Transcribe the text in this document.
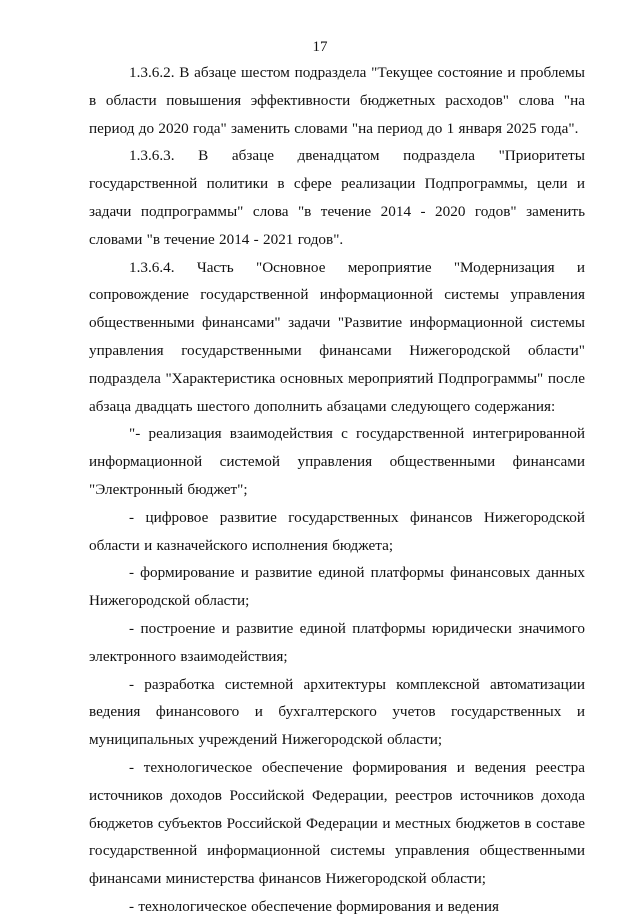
17

1.3.6.2. В абзаце шестом подраздела "Текущее состояние и проблемы в области повышения эффективности бюджетных расходов" слова "на период до 2020 года" заменить словами "на период до 1 января 2025 года".

1.3.6.3. В абзаце двенадцатом подраздела "Приоритеты государственной политики в сфере реализации Подпрограммы, цели и задачи подпрограммы" слова "в течение 2014 - 2020 годов" заменить словами "в течение 2014 - 2021 годов".

1.3.6.4. Часть "Основное мероприятие "Модернизация и сопровождение государственной информационной системы управления общественными финансами" задачи "Развитие информационной системы управления государственными финансами Нижегородской области" подраздела "Характеристика основных мероприятий Подпрограммы" после абзаца двадцать шестого дополнить абзацами следующего содержания:

"- реализация взаимодействия с государственной интегрированной информационной системой управления общественными финансами "Электронный бюджет";

- цифровое развитие государственных финансов Нижегородской области и казначейского исполнения бюджета;

- формирование и развитие единой платформы финансовых данных Нижегородской области;

- построение и развитие единой платформы юридически значимого электронного взаимодействия;

- разработка системной архитектуры комплексной автоматизации ведения финансового и бухгалтерского учетов государственных и муниципальных учреждений Нижегородской области;

- технологическое обеспечение формирования и ведения реестра источников доходов Российской Федерации, реестров источников дохода бюджетов субъектов Российской Федерации и местных бюджетов в составе государственной информационной системы управления общественными финансами министерства финансов Нижегородской области;

- технологическое обеспечение формирования и ведения
